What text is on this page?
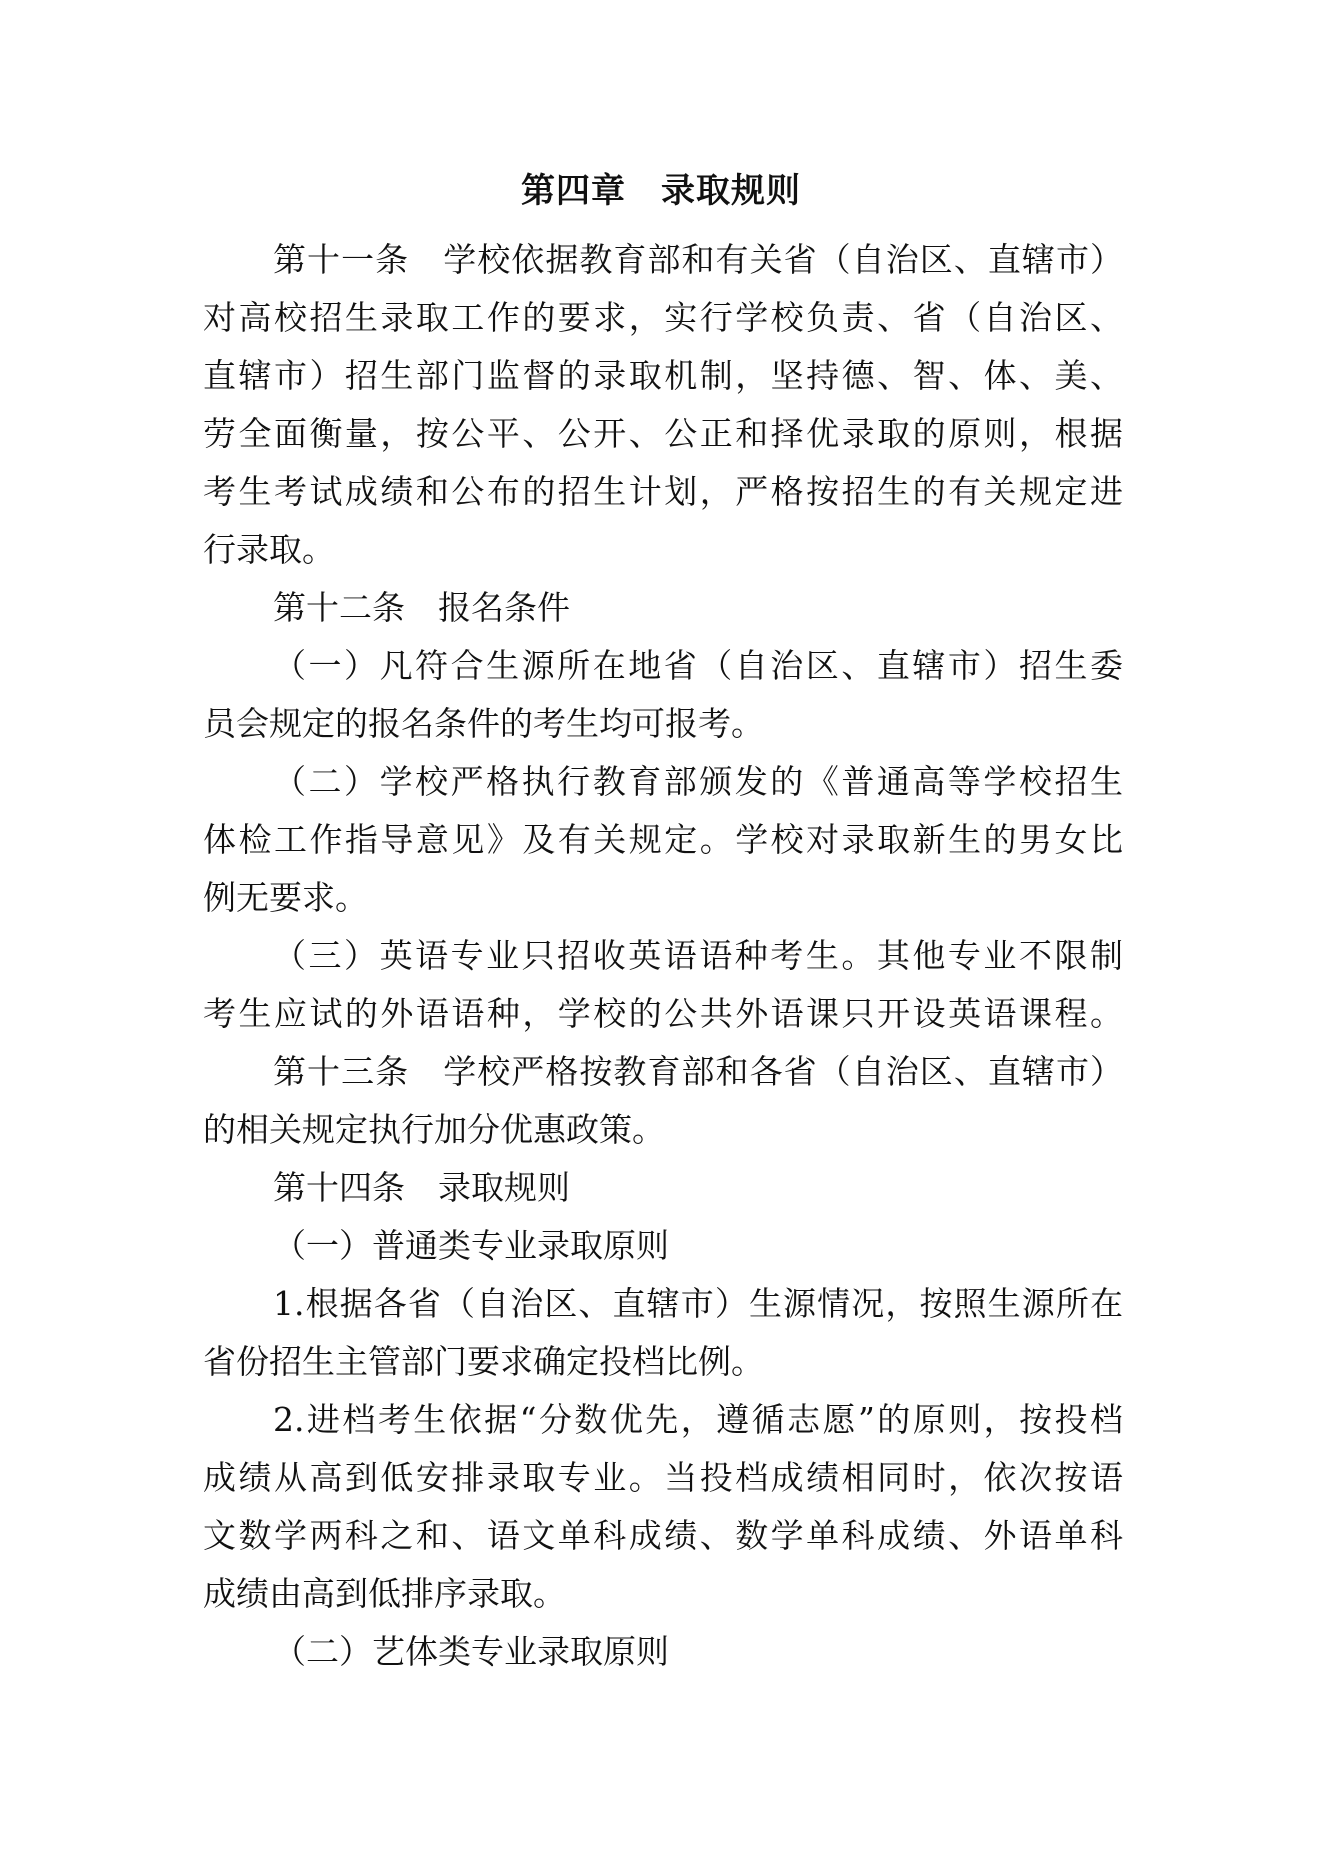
第四章　录取规则
第十一条　学校依据教育部和有关省（自治区、直辖市）
对高校招生录取工作的要求，实行学校负责、省（自治区、
直辖市）招生部门监督的录取机制，坚持德、智、体、美、
劳全面衡量，按公平、公开、公正和择优录取的原则，根据
考生考试成绩和公布的招生计划，严格按招生的有关规定进
行录取。
第十二条　报名条件
（一）凡符合生源所在地省（自治区、直辖市）招生委
员会规定的报名条件的考生均可报考。
（二）学校严格执行教育部颁发的《普通高等学校招生
体检工作指导意见》及有关规定。学校对录取新生的男女比
例无要求。
（三）英语专业只招收英语语种考生。其他专业不限制
考生应试的外语语种，学校的公共外语课只开设英语课程。
第十三条　学校严格按教育部和各省（自治区、直辖市）
的相关规定执行加分优惠政策。
第十四条　录取规则
（一）普通类专业录取原则
1.根据各省（自治区、直辖市）生源情况，按照生源所在
省份招生主管部门要求确定投档比例。
2.进档考生依据“分数优先，遵循志愿”的原则，按投档
成绩从高到低安排录取专业。当投档成绩相同时，依次按语
文数学两科之和、语文单科成绩、数学单科成绩、外语单科
成绩由高到低排序录取。
（二）艺体类专业录取原则
